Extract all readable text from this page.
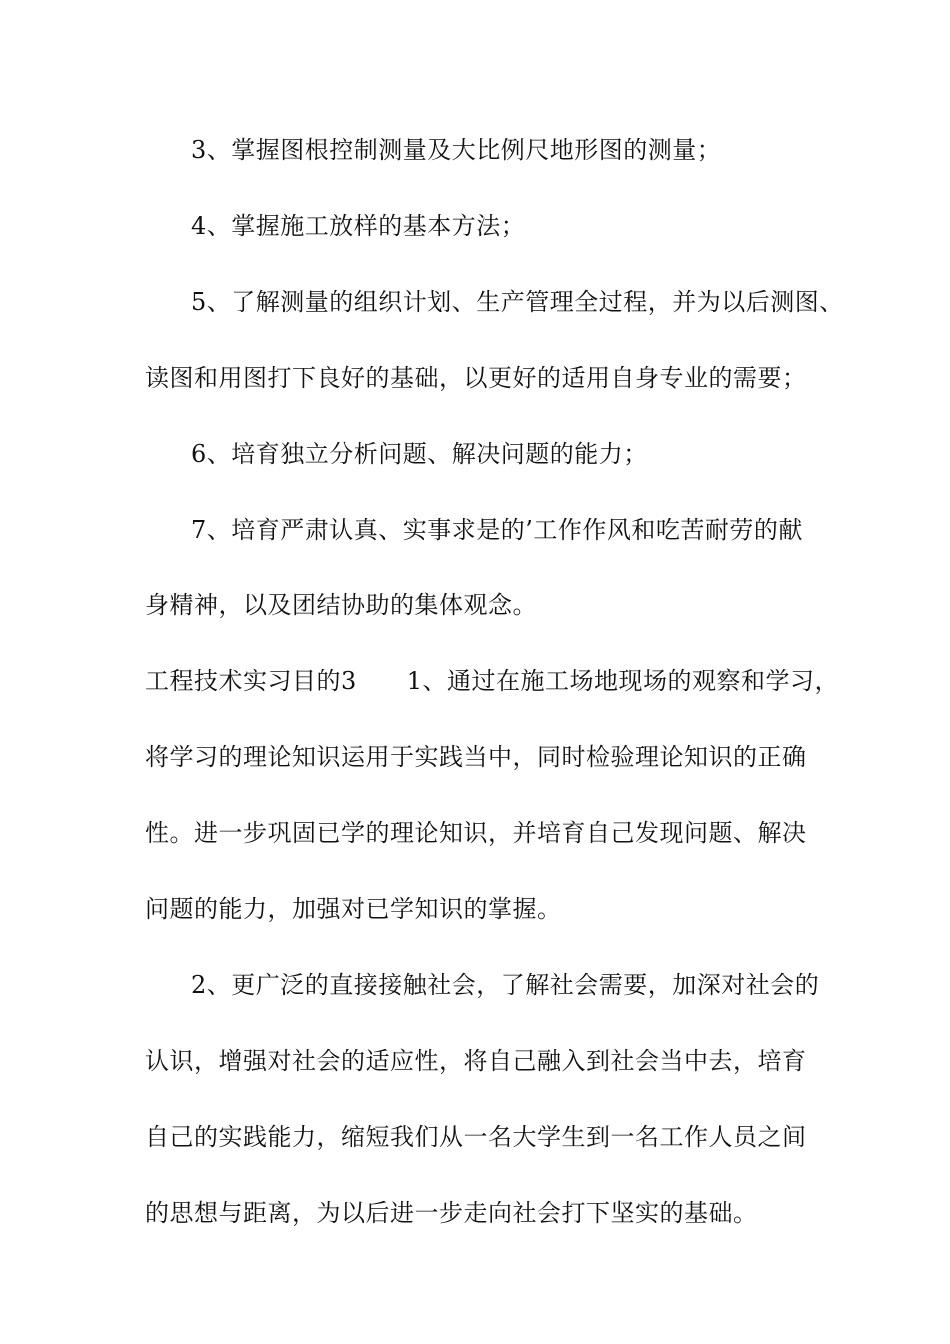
3、掌握图根控制测量及大比例尺地形图的测量；
4、掌握施工放样的基本方法；
5、了解测量的组织计划、生产管理全过程，并为以后测图、
读图和用图打下良好的基础，以更好的适用自身专业的需要；
6、培育独立分析问题、解决问题的能力；
7、培育严肃认真、实事求是的’工作作风和吃苦耐劳的献
身精神，以及团结协助的集体观念。
工程技术实习目的3 1、通过在施工场地现场的观察和学习，
将学习的理论知识运用于实践当中，同时检验理论知识的正确
性。进一步巩固已学的理论知识，并培育自己发现问题、解决
问题的能力，加强对已学知识的掌握。
2、更广泛的直接接触社会，了解社会需要，加深对社会的
认识，增强对社会的适应性，将自己融入到社会当中去，培育
自己的实践能力，缩短我们从一名大学生到一名工作人员之间
的思想与距离，为以后进一步走向社会打下坚实的基础。
